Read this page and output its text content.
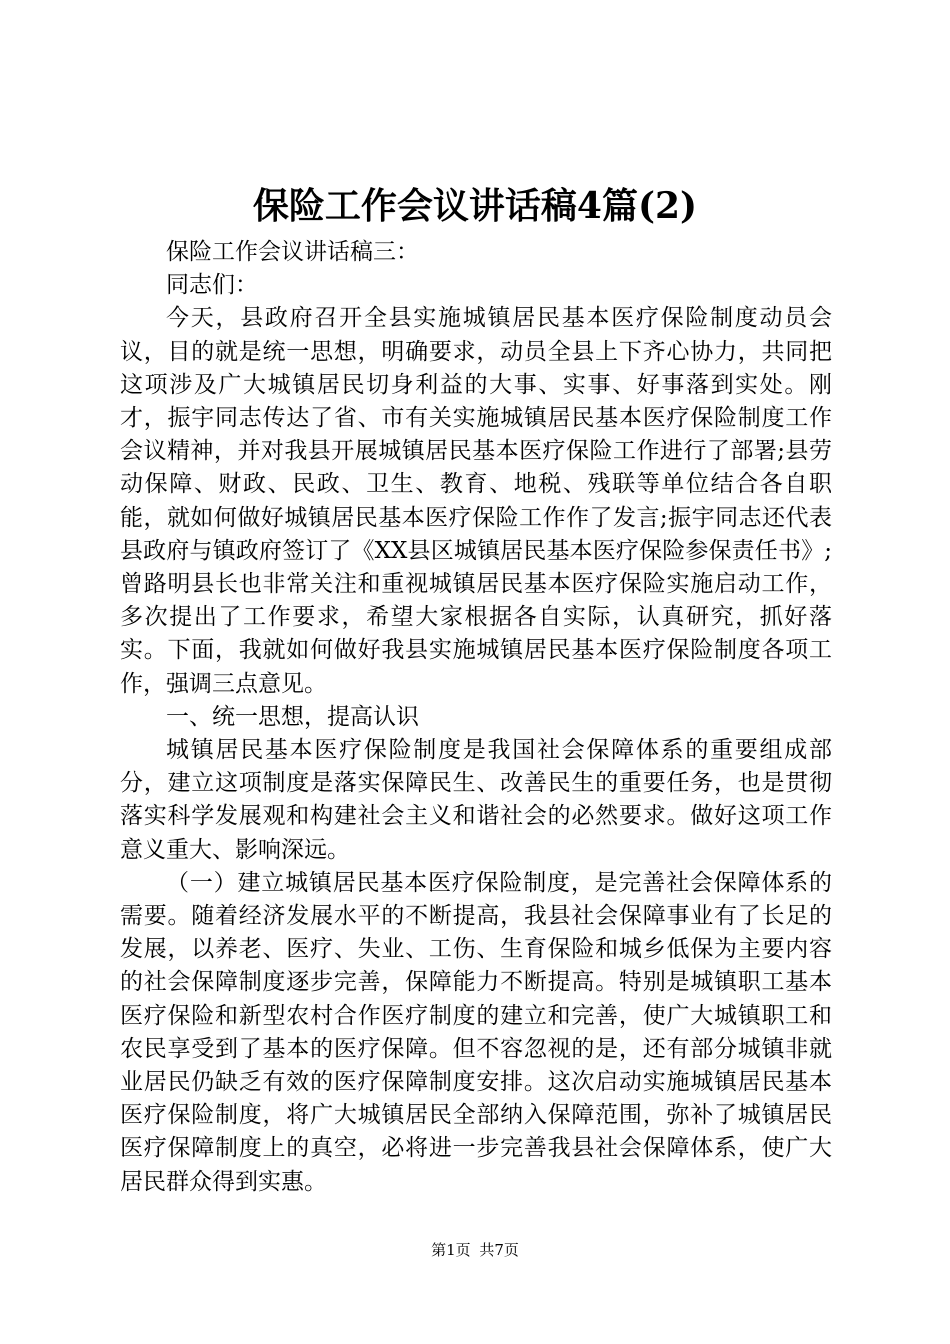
保险工作会议讲话稿4篇(2)

保险工作会议讲话稿三：

同志们：

今天，县政府召开全县实施城镇居民基本医疗保险制度动员会议，目的就是统一思想，明确要求，动员全县上下齐心协力，共同把这项涉及广大城镇居民切身利益的大事、实事、好事落到实处。刚才，振宇同志传达了省、市有关实施城镇居民基本医疗保险制度工作会议精神，并对我县开展城镇居民基本医疗保险工作进行了部署;县劳动保障、财政、民政、卫生、教育、地税、残联等单位结合各自职能，就如何做好城镇居民基本医疗保险工作作了发言;振宇同志还代表县政府与镇政府签订了《XX县区城镇居民基本医疗保险参保责任书》;曾路明县长也非常关注和重视城镇居民基本医疗保险实施启动工作，多次提出了工作要求，希望大家根据各自实际，认真研究，抓好落实。下面，我就如何做好我县实施城镇居民基本医疗保险制度各项工作，强调三点意见。

一、统一思想，提高认识

城镇居民基本医疗保险制度是我国社会保障体系的重要组成部分，建立这项制度是落实保障民生、改善民生的重要任务，也是贯彻落实科学发展观和构建社会主义和谐社会的必然要求。做好这项工作意义重大、影响深远。

（一）建立城镇居民基本医疗保险制度，是完善社会保障体系的需要。随着经济发展水平的不断提高，我县社会保障事业有了长足的发展，以养老、医疗、失业、工伤、生育保险和城乡低保为主要内容的社会保障制度逐步完善，保障能力不断提高。特别是城镇职工基本医疗保险和新型农村合作医疗制度的建立和完善，使广大城镇职工和农民享受到了基本的医疗保障。但不容忽视的是，还有部分城镇非就业居民仍缺乏有效的医疗保障制度安排。这次启动实施城镇居民基本医疗保险制度，将广大城镇居民全部纳入保障范围，弥补了城镇居民医疗保障制度上的真空，必将进一步完善我县社会保障体系，使广大居民群众得到实惠。

第1页 共7页
